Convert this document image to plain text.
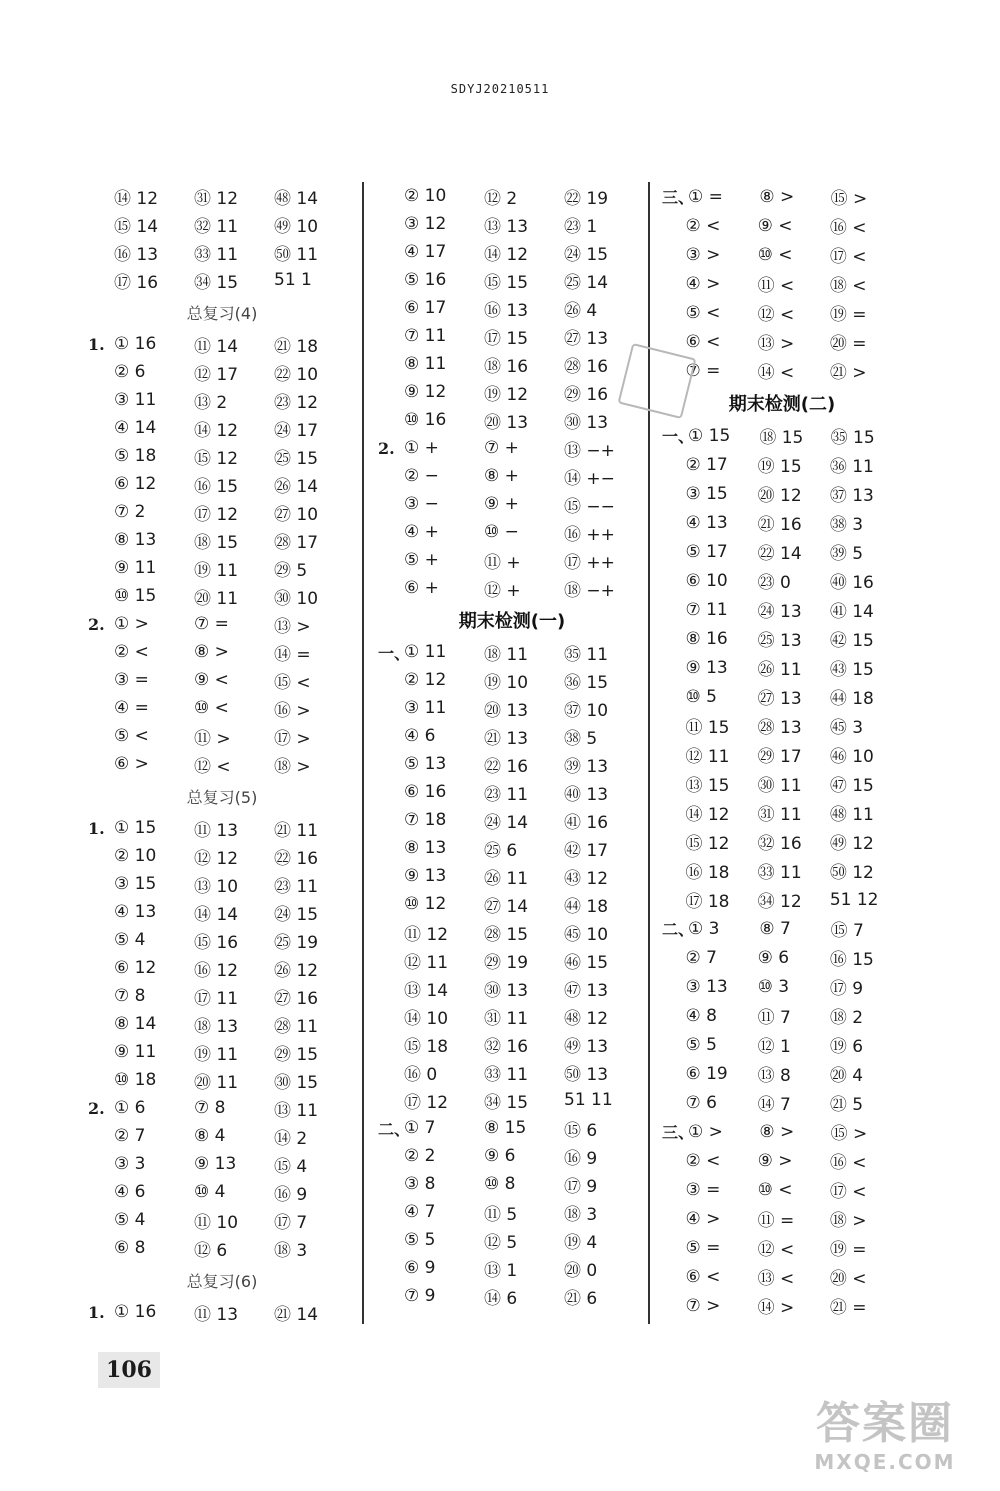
SDYJ20210511
⑭ 12	㉛ 12	㊽ 14
⑮ 14	㉜ 11	㊾ 10
⑯ 13	㉝ 11	㊿ 11
⑰ 16	㉞ 15	51 1
总复习(4)
1. ① 16	⑪ 14	㉑ 18
② 6	⑫ 17	㉒ 10
③ 11	⑬ 2	㉓ 12
④ 14	⑭ 12	㉔ 17
⑤ 18	⑮ 12	㉕ 15
⑥ 12	⑯ 15	㉖ 14
⑦ 2	⑰ 12	㉗ 10
⑧ 13	⑱ 15	㉘ 17
⑨ 11	⑲ 11	㉙ 5
⑩ 15	⑳ 11	㉚ 10
2. ① >	⑦ =	⑬ >
② <	⑧ >	⑭ =
③ =	⑨ <	⑮ <
④ =	⑩ <	⑯ >
⑤ <	⑪ >	⑰ >
⑥ >	⑫ <	⑱ >
总复习(5)
1. ① 15	⑪ 13	㉑ 11
② 10	⑫ 12	㉒ 16
③ 15	⑬ 10	㉓ 11
④ 13	⑭ 14	㉔ 15
⑤ 4	⑮ 16	㉕ 19
⑥ 12	⑯ 12	㉖ 12
⑦ 8	⑰ 11	㉗ 16
⑧ 14	⑱ 13	㉘ 11
⑨ 11	⑲ 11	㉙ 15
⑩ 18	⑳ 11	㉚ 15
2. ① 6	⑦ 8	⑬ 11
② 7	⑧ 4	⑭ 2
③ 3	⑨ 13	⑮ 4
④ 6	⑩ 4	⑯ 9
⑤ 4	⑪ 10	⑰ 7
⑥ 8	⑫ 6	⑱ 3
总复习(6)
1. ① 16	⑪ 13	㉑ 14
② 10	⑫ 2	㉒ 19
③ 12	⑬ 13	㉓ 1
④ 17	⑭ 12	㉔ 15
⑤ 16	⑮ 15	㉕ 14
⑥ 17	⑯ 13	㉖ 4
⑦ 11	⑰ 15	㉗ 13
⑧ 11	⑱ 16	㉘ 16
⑨ 12	⑲ 12	㉙ 16
⑩ 16	⑳ 13	㉚ 13
2. ① +	⑦ +	⑬ −+
② −	⑧ +	⑭ +−
③ −	⑨ +	⑮ −−
④ +	⑩ −	⑯ ++
⑤ +	⑪ +	⑰ ++
⑥ +	⑫ +	⑱ −+
期末检测(一)
一、
① 11	⑱ 11	㉟ 11
② 12	⑲ 10	㊱ 15
③ 11	⑳ 13	㊲ 10
④ 6	㉑ 13	㊳ 5
⑤ 13	㉒ 16	㊴ 13
⑥ 16	㉓ 11	㊵ 13
⑦ 18	㉔ 14	㊶ 16
⑧ 13	㉕ 6	㊷ 17
⑨ 13	㉖ 11	㊸ 12
⑩ 12	㉗ 14	㊹ 18
⑪ 12	㉘ 15	㊺ 10
⑫ 11	㉙ 19	㊻ 15
⑬ 14	㉚ 13	㊼ 13
⑭ 10	㉛ 11	㊽ 12
⑮ 18	㉜ 16	㊾ 13
⑯ 0	㉝ 11	㊿ 13
⑰ 12	㉞ 15	51 11
二、
① 7	⑧ 15	⑮ 6
② 2	⑨ 6	⑯ 9
③ 8	⑩ 8	⑰ 9
④ 7	⑪ 5	⑱ 3
⑤ 5	⑫ 5	⑲ 4
⑥ 9	⑬ 1	⑳ 0
⑦ 9	⑭ 6	㉑ 6
三、
① =	⑧ >	⑮ >
② <	⑨ <	⑯ <
③ >	⑩ <	⑰ <
④ >	⑪ <	⑱ <
⑤ <	⑫ <	⑲ =
⑥ <	⑬ >	⑳ =
⑦ =	⑭ <	㉑ >
期末检测(二)
一、
① 15	⑱ 15	㉟ 15
② 17	⑲ 15	㊱ 11
③ 15	⑳ 12	㊲ 13
④ 13	㉑ 16	㊳ 3
⑤ 17	㉒ 14	㊴ 5
⑥ 10	㉓ 0	㊵ 16
⑦ 11	㉔ 13	㊶ 14
⑧ 16	㉕ 13	㊷ 15
⑨ 13	㉖ 11	㊸ 15
⑩ 5	㉗ 13	㊹ 18
⑪ 15	㉘ 13	㊺ 3
⑫ 11	㉙ 17	㊻ 10
⑬ 15	㉚ 11	㊼ 15
⑭ 12	㉛ 11	㊽ 11
⑮ 12	㉜ 16	㊾ 12
⑯ 18	㉝ 11	㊿ 12
⑰ 18	㉞ 12	51 12
二、
① 3	⑧ 7	⑮ 7
② 7	⑨ 6	⑯ 15
③ 13	⑩ 3	⑰ 9
④ 8	⑪ 7	⑱ 2
⑤ 5	⑫ 1	⑲ 6
⑥ 19	⑬ 8	⑳ 4
⑦ 6	⑭ 7	㉑ 5
三、
① >	⑧ >	⑮ >
② <	⑨ >	⑯ <
③ =	⑩ <	⑰ <
④ >	⑪ =	⑱ >
⑤ =	⑫ <	⑲ =
⑥ <	⑬ <	⑳ <
⑦ >	⑭ >	㉑ =
106
答案圈
MXQE.COM
